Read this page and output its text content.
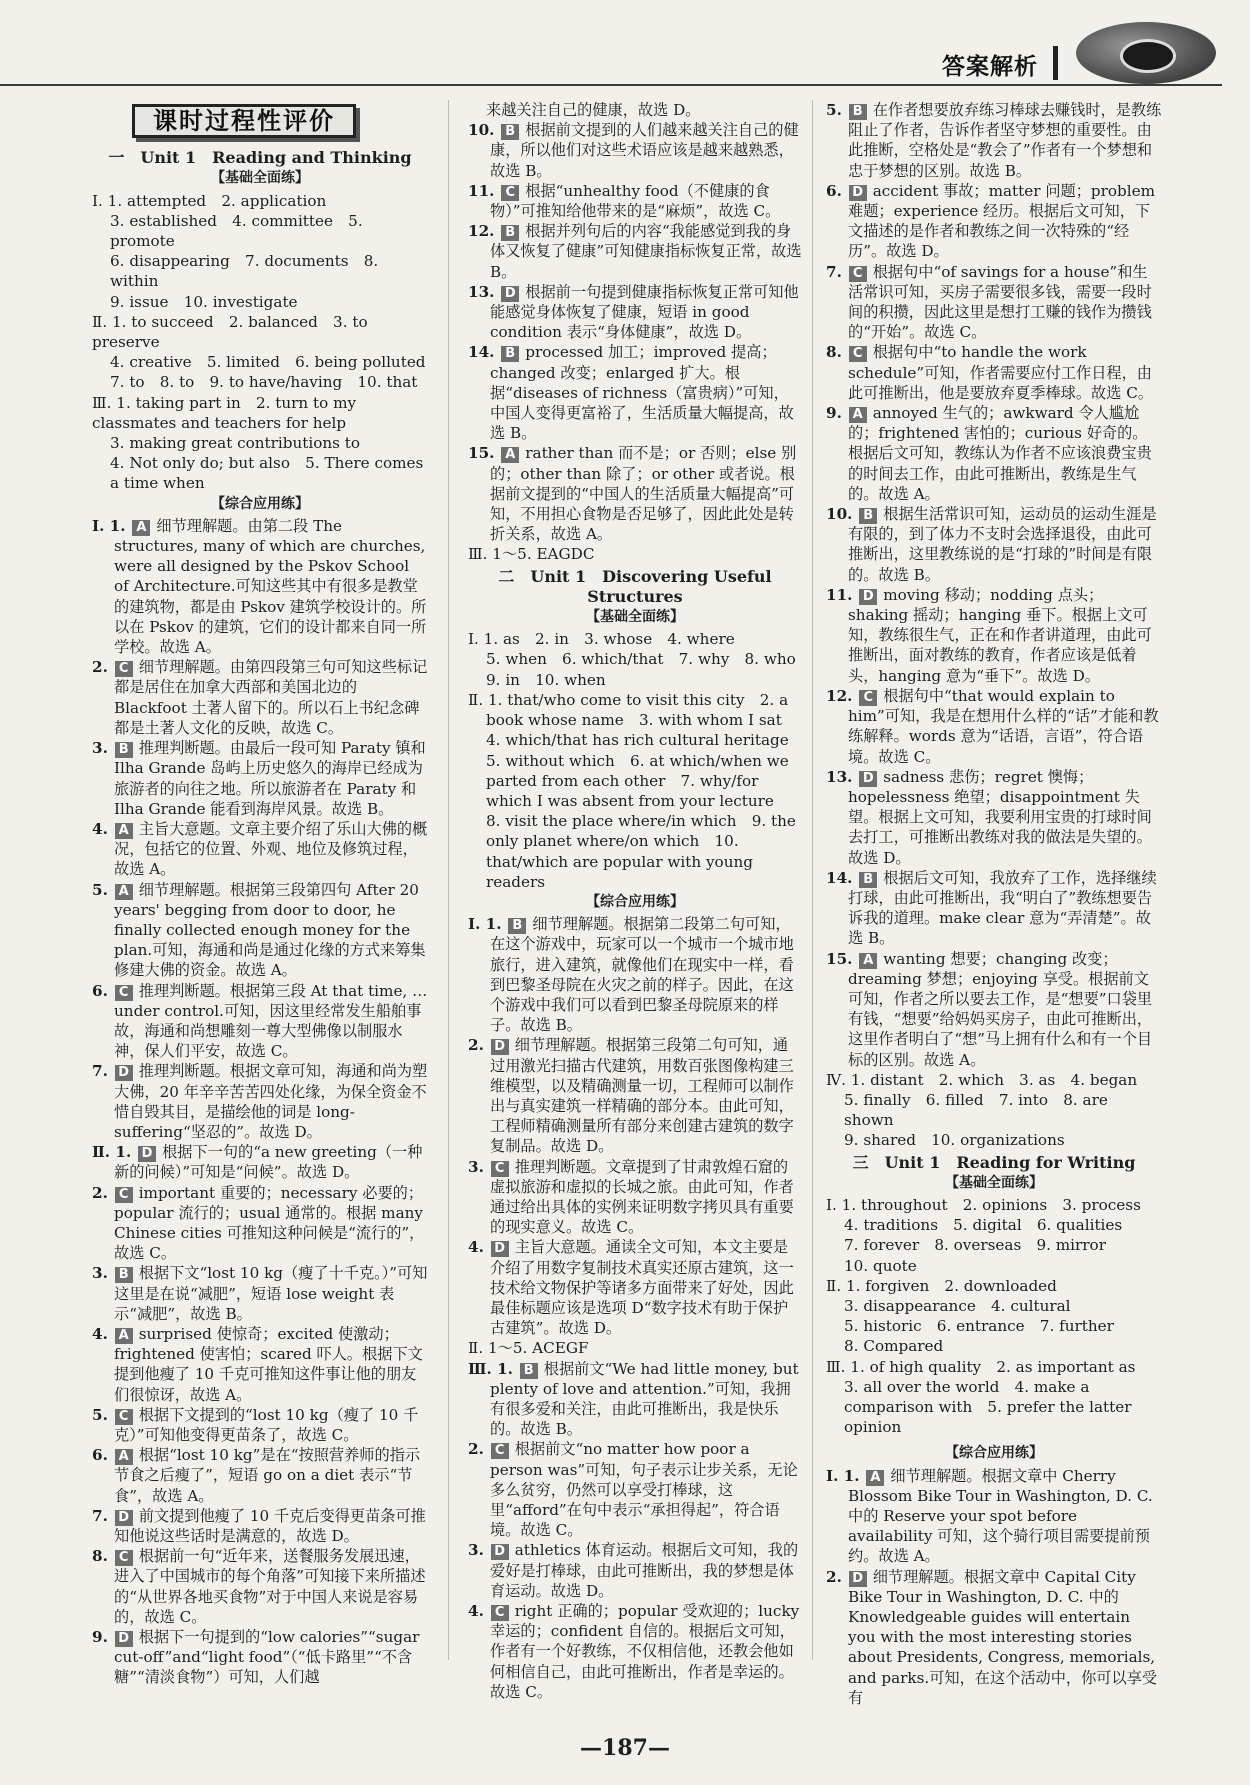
答案解析
课时过程性评价

一　Unit 1　Reading and Thinking

【基础全面练】

Ⅰ. 1. attempted　2. application

3. established　4. committee　5. promote

6. disappearing　7. documents　8. within

9. issue　10. investigate

Ⅱ. 1. to succeed　2. balanced　3. to preserve

4. creative　5. limited　6. being polluted

7. to　8. to　9. to have/having　10. that

Ⅲ. 1. taking part in　2. turn to my classmates and teachers for help

3. making great contributions to

4. Not only do; but also　5. There comes a time when

【综合应用练】

Ⅰ. 1. A 细节理解题。由第二段 The structures, many of which are churches, were all designed by the Pskov School of Architecture.可知这些其中有很多是教堂的建筑物，都是由 Pskov 建筑学校设计的。所以在 Pskov 的建筑，它们的设计都来自同一所学校。故选 A。

2. C 细节理解题。由第四段第三句可知这些标记都是居住在加拿大西部和美国北边的 Blackfoot 土著人留下的。所以石上书纪念碑都是土著人文化的反映，故选 C。

3. B 推理判断题。由最后一段可知 Paraty 镇和 Ilha Grande 岛屿上历史悠久的海岸已经成为旅游者的向往之地。所以旅游者在 Paraty 和 Ilha Grande 能看到海岸风景。故选 B。

4. A 主旨大意题。文章主要介绍了乐山大佛的概况，包括它的位置、外观、地位及修筑过程，故选 A。

5. A 细节理解题。根据第三段第四句 After 20 years' begging from door to door, he finally collected enough money for the plan.可知，海通和尚是通过化缘的方式来筹集修建大佛的资金。故选 A。

6. C 推理判断题。根据第三段 At that time, … under control.可知，因这里经常发生船舶事故，海通和尚想雕刻一尊大型佛像以制服水神，保人们平安，故选 C。

7. D 推理判断题。根据文章可知，海通和尚为塑大佛，20 年辛辛苦苦四处化缘，为保全资金不惜自毁其目，是描绘他的词是 long-suffering“坚忍的”。故选 D。

Ⅱ. 1. D 根据下一句的“a new greeting（一种新的问候）”可知是“问候”。故选 D。

2. C important 重要的；necessary 必要的；popular 流行的；usual 通常的。根据 many Chinese cities 可推知这种问候是“流行的”，故选 C。

3. B 根据下文“lost 10 kg（瘦了十千克。）”可知这里是在说“减肥”，短语 lose weight 表示“减肥”，故选 B。

4. A surprised 使惊奇；excited 使激动；frightened 使害怕；scared 吓人。根据下文提到他瘦了 10 千克可推知这件事让他的朋友们很惊讶，故选 A。

5. C 根据下文提到的“lost 10 kg（瘦了 10 千克）”可知他变得更苗条了，故选 C。

6. A 根据“lost 10 kg”是在“按照营养师的指示节食之后瘦了”，短语 go on a diet 表示“节食”，故选 A。

7. D 前文提到他瘦了 10 千克后变得更苗条可推知他说这些话时是满意的，故选 D。

8. C 根据前一句“近年来，送餐服务发展迅速，进入了中国城市的每个角落”可知接下来所描述的“从世界各地买食物”对于中国人来说是容易的，故选 C。

9. D 根据下一句提到的“low calories”“sugar cut-off”and“light food”（“低卡路里”“不含糖”“清淡食物”）可知，人们越

来越关注自己的健康，故选 D。

10. B 根据前文提到的人们越来越关注自己的健康，所以他们对这些术语应该是越来越熟悉，故选 B。

11. C 根据“unhealthy food（不健康的食物）”可推知给他带来的是“麻烦”，故选 C。

12. B 根据并列句后的内容“我能感觉到我的身体又恢复了健康”可知健康指标恢复正常，故选 B。

13. D 根据前一句提到健康指标恢复正常可知他能感觉身体恢复了健康，短语 in good condition 表示“身体健康”，故选 D。

14. B processed 加工；improved 提高；changed 改变；enlarged 扩大。根据“diseases of richness（富贵病）”可知，中国人变得更富裕了，生活质量大幅提高，故选 B。

15. A rather than 而不是；or 否则；else 别的；other than 除了；or other 或者说。根据前文提到的“中国人的生活质量大幅提高”可知，不用担心食物是否足够了，因此此处是转折关系，故选 A。

Ⅲ. 1～5. EAGDC

二　Unit 1　Discovering Useful Structures

【基础全面练】

Ⅰ. 1. as　2. in　3. whose　4. where

5. when　6. which/that　7. why　8. who

9. in　10. when

Ⅱ. 1. that/who come to visit this city　2. a book whose name　3. with whom I sat

4. which/that has rich cultural heritage

5. without which　6. at which/when we parted from each other　7. why/for which I was absent from your lecture

8. visit the place where/in which　9. the only planet where/on which　10. that/which are popular with young readers

【综合应用练】

Ⅰ. 1. B 细节理解题。根据第二段第二句可知，在这个游戏中，玩家可以一个城市一个城市地旅行，进入建筑，就像他们在现实中一样，看到巴黎圣母院在火灾之前的样子。因此，在这个游戏中我们可以看到巴黎圣母院原来的样子。故选 B。

2. D 细节理解题。根据第三段第二句可知，通过用激光扫描古代建筑，用数百张图像构建三维模型，以及精确测量一切，工程师可以制作出与真实建筑一样精确的部分本。由此可知，工程师精确测量所有部分来创建古建筑的数字复制品。故选 D。

3. C 推理判断题。文章提到了甘肃敦煌石窟的虚拟旅游和虚拟的长城之旅。由此可知，作者通过给出具体的实例来证明数字拷贝具有重要的现实意义。故选 C。

4. D 主旨大意题。通读全文可知，本文主要是介绍了用数字复制技术真实还原古建筑，这一技术给文物保护等诸多方面带来了好处，因此最佳标题应该是选项 D“数字技术有助于保护古建筑”。故选 D。

Ⅱ. 1～5. ACEGF

Ⅲ. 1. B 根据前文“We had little money, but plenty of love and attention.”可知，我拥有很多爱和关注，由此可推断出，我是快乐的。故选 B。

2. C 根据前文“no matter how poor a person was”可知，句子表示让步关系，无论多么贫穷，仍然可以享受打棒球，这里“afford”在句中表示“承担得起”，符合语境。故选 C。

3. D athletics 体育运动。根据后文可知，我的爱好是打棒球，由此可推断出，我的梦想是体育运动。故选 D。

4. C right 正确的；popular 受欢迎的；lucky 幸运的；confident 自信的。根据后文可知，作者有一个好教练，不仅相信他，还教会他如何相信自己，由此可推断出，作者是幸运的。故选 C。

5. B 在作者想要放弃练习棒球去赚钱时，是教练阻止了作者，告诉作者坚守梦想的重要性。由此推断，空格处是“教会了”作者有一个梦想和忠于梦想的区别。故选 B。

6. D accident 事故；matter 问题；problem 难题；experience 经历。根据后文可知，下文描述的是作者和教练之间一次特殊的“经历”。故选 D。

7. C 根据句中“of savings for a house”和生活常识可知，买房子需要很多钱，需要一段时间的积攒，因此这里是想打工赚的钱作为攒钱的“开始”。故选 C。

8. C 根据句中“to handle the work schedule”可知，作者需要应付工作日程，由此可推断出，他是要放弃夏季棒球。故选 C。

9. A annoyed 生气的；awkward 令人尴尬的；frightened 害怕的；curious 好奇的。根据后文可知，教练认为作者不应该浪费宝贵的时间去工作，由此可推断出，教练是生气的。故选 A。

10. B 根据生活常识可知，运动员的运动生涯是有限的，到了体力不支时会选择退役，由此可推断出，这里教练说的是“打球的”时间是有限的。故选 B。

11. D moving 移动；nodding 点头；shaking 摇动；hanging 垂下。根据上文可知，教练很生气，正在和作者讲道理，由此可推断出，面对教练的教育，作者应该是低着头，hanging 意为“垂下”。故选 D。

12. C 根据句中“that would explain to him”可知，我是在想用什么样的“话”才能和教练解释。words 意为“话语，言语”，符合语境。故选 C。

13. D sadness 悲伤；regret 懊悔；hopelessness 绝望；disappointment 失望。根据上文可知，我要利用宝贵的打球时间去打工，可推断出教练对我的做法是失望的。故选 D。

14. B 根据后文可知，我放弃了工作，选择继续打球，由此可推断出，我“明白了”教练想要告诉我的道理。make clear 意为“弄清楚”。故选 B。

15. A wanting 想要；changing 改变；dreaming 梦想；enjoying 享受。根据前文可知，作者之所以要去工作，是“想要”口袋里有钱，“想要”给妈妈买房子，由此可推断出，这里作者明白了“想”马上拥有什么和有一个目标的区别。故选 A。

Ⅳ. 1. distant　2. which　3. as　4. began

5. finally　6. filled　7. into　8. are shown

9. shared　10. organizations

三　Unit 1　Reading for Writing

【基础全面练】

Ⅰ. 1. throughout　2. opinions　3. process

4. traditions　5. digital　6. qualities

7. forever　8. overseas　9. mirror

10. quote

Ⅱ. 1. forgiven　2. downloaded

3. disappearance　4. cultural

5. historic　6. entrance　7. further

8. Compared

Ⅲ. 1. of high quality　2. as important as

3. all over the world　4. make a comparison with　5. prefer the latter opinion

【综合应用练】

Ⅰ. 1. A 细节理解题。根据文章中 Cherry Blossom Bike Tour in Washington, D. C. 中的 Reserve your spot before availability 可知，这个骑行项目需要提前预约。故选 A。

2. D 细节理解题。根据文章中 Capital City Bike Tour in Washington, D. C. 中的 Knowledgeable guides will entertain you with the most interesting stories about Presidents, Congress, memorials, and parks.可知，在这个活动中，你可以享受有

—187—
